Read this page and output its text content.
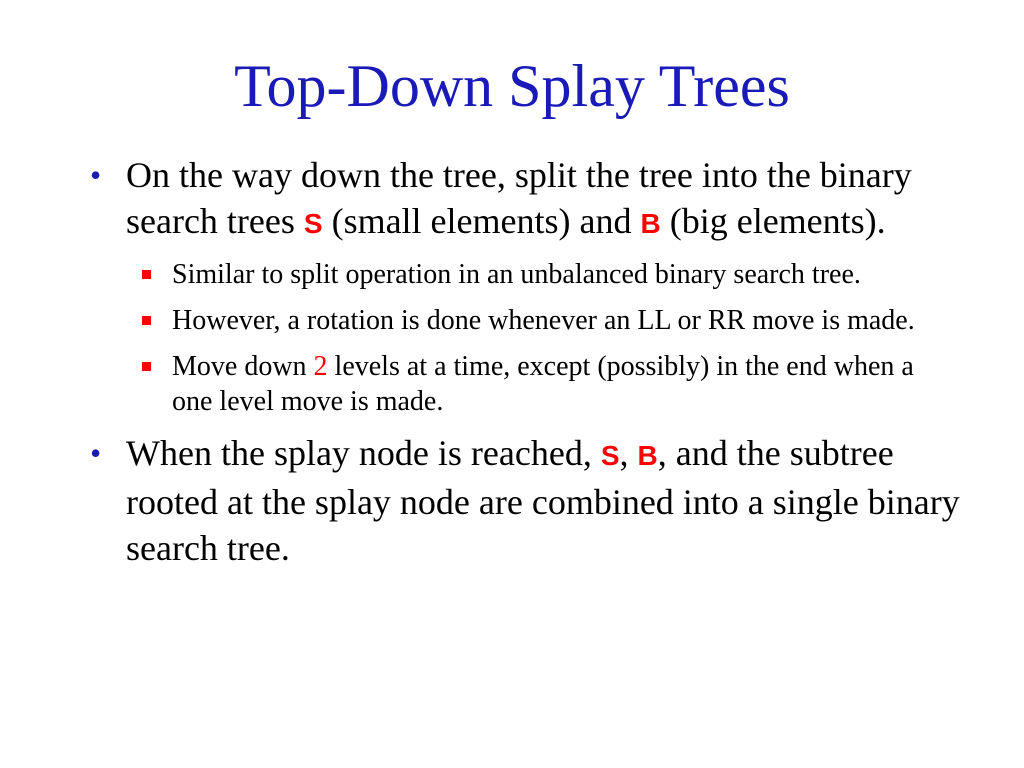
Top-Down Splay Trees
• On the way down the tree, split the tree into the binary search trees S (small elements) and B (big elements).
Similar to split operation in an unbalanced binary search tree.
However, a rotation is done whenever an LL or RR move is made.
Move down 2 levels at a time, except (possibly) in the end when a one level move is made.
• When the splay node is reached, S, B, and the subtree rooted at the splay node are combined into a single binary search tree.
